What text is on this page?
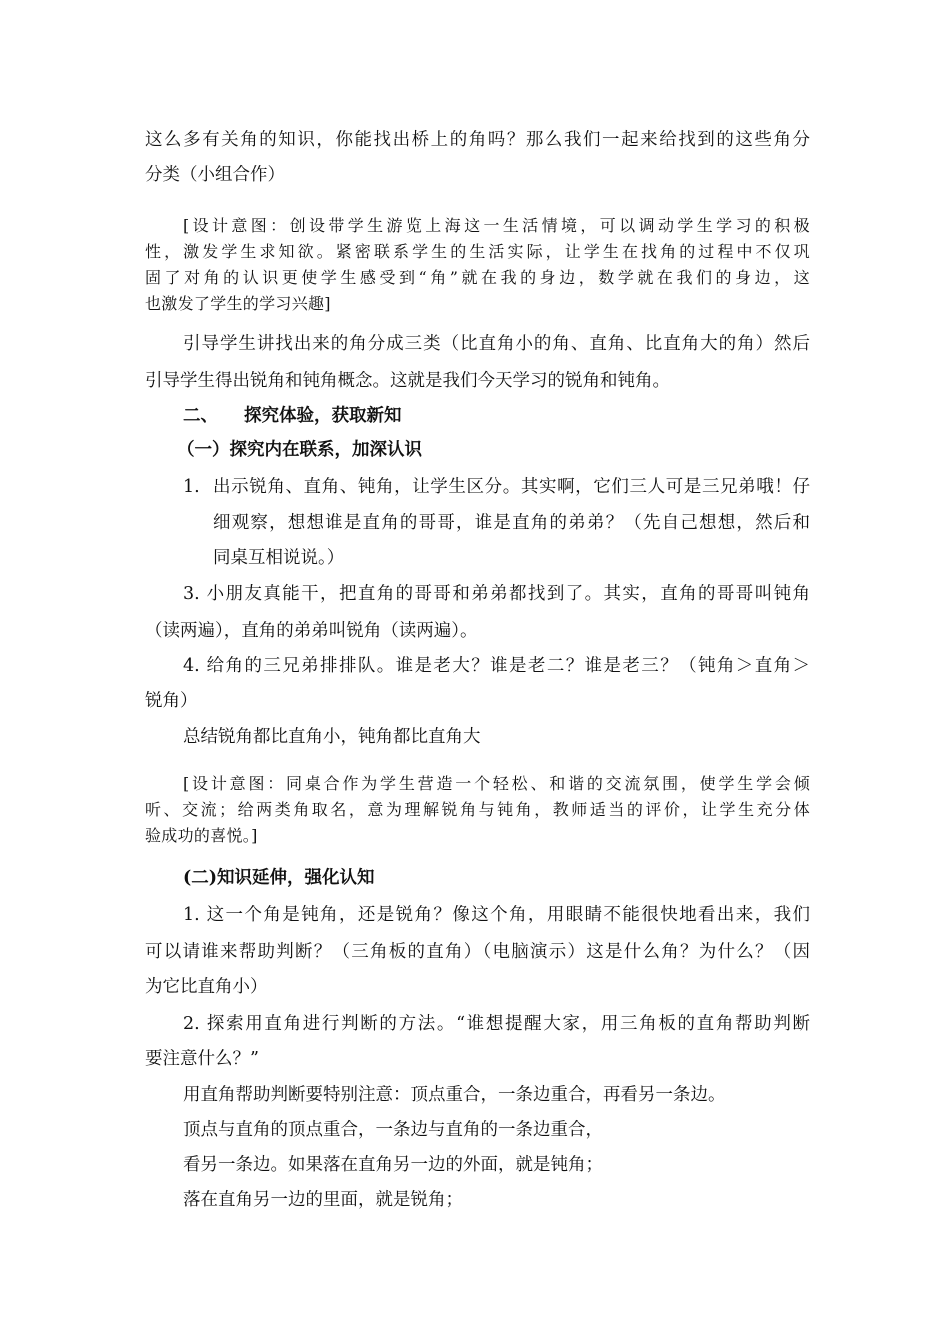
这么多有关角的知识，你能找出桥上的角吗？那么我们一起来给找到的这些角分
分类（小组合作）
[设计意图：创设带学生游览上海这一生活情境，可以调动学生学习的积极
性，激发学生求知欲。紧密联系学生的生活实际，让学生在找角的过程中不仅巩
固了对角的认识更使学生感受到“角”就在我的身边，数学就在我们的身边，这
也激发了学生的学习兴趣]
引导学生讲找出来的角分成三类（比直角小的角、直角、比直角大的角）然后
引导学生得出锐角和钝角概念。这就是我们今天学习的锐角和钝角。
二、	探究体验，获取新知
（一）探究内在联系，加深认识
1. 出示锐角、直角、钝角，让学生区分。其实啊，它们三人可是三兄弟哦！仔
细观察，想想谁是直角的哥哥，谁是直角的弟弟？（先自己想想，然后和
同桌互相说说。）
3. 小朋友真能干，把直角的哥哥和弟弟都找到了。其实，直角的哥哥叫钝角
（读两遍），直角的弟弟叫锐角（读两遍）。
4. 给角的三兄弟排排队。谁是老大？谁是老二？谁是老三？（钝角＞直角＞
锐角）
总结锐角都比直角小，钝角都比直角大
[设计意图：同桌合作为学生营造一个轻松、和谐的交流氛围，使学生学会倾
听、交流；给两类角取名，意为理解锐角与钝角，教师适当的评价，让学生充分体
验成功的喜悦。]
(二)知识延伸，强化认知
1. 这一个角是钝角，还是锐角？像这个角，用眼睛不能很快地看出来，我们
可以请谁来帮助判断？（三角板的直角）（电脑演示）这是什么角？为什么？（因
为它比直角小）
2. 探索用直角进行判断的方法。“谁想提醒大家，用三角板的直角帮助判断
要注意什么？”
用直角帮助判断要特别注意：顶点重合，一条边重合，再看另一条边。
顶点与直角的顶点重合，一条边与直角的一条边重合，
看另一条边。如果落在直角另一边的外面，就是钝角；
落在直角另一边的里面，就是锐角；
